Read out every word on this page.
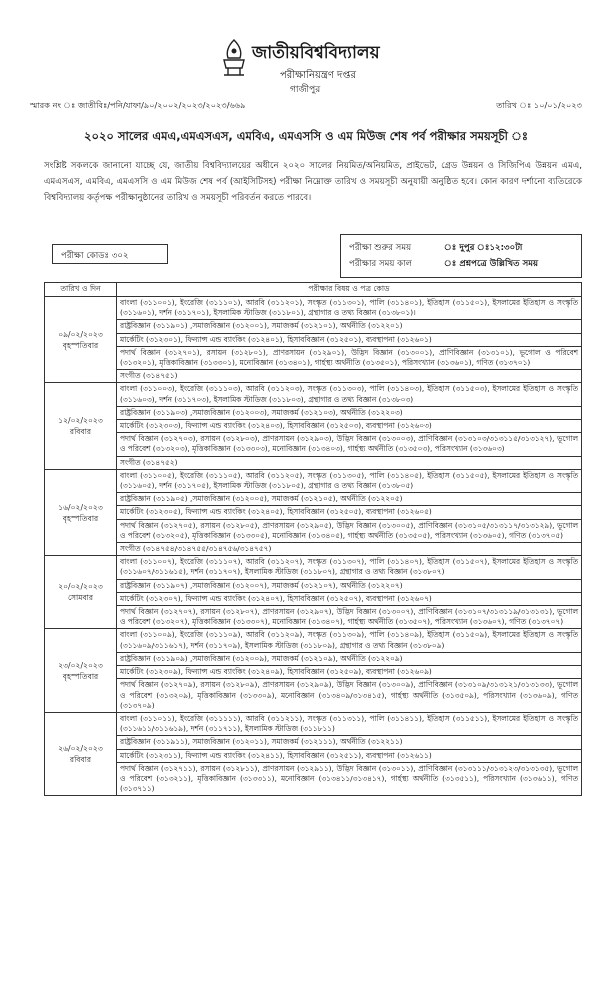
জাতীয়বিশ্ববিদ্যালয়
পরীক্ষানিয়ন্ত্রণ দপ্তর
গাজীপুর
স্মারক নং ঃ জাতীবিঃ/পনি/যাফা/৯০/২০০২/২০২৩/২০২৩/৬৬৯	তারিখ ঃ ১০/০১/২০২৩
২০২০ সালের এমএ,এমএসএস, এমবিএ, এমএসসি ও এম মিউজ শেষ পর্ব পরীক্ষার সময়সূচী ঃ
সংশ্লিষ্ট সকলকে জানানো যাচ্ছে যে, জাতীয় বিশ্ববিদ্যালয়ের অধীনে ২০২০ সালের নিয়মিত/অনিয়মিত, প্রাইভেট, গ্রেড উন্নয়ন ও সিজিপিএ উন্নয়ন এমএ, এমএসএস, এমবিএ, এমএসসি ও এম মিউজ শেষ পর্ব (আইসিটিসহ) পরীক্ষা নিম্নোক্ত তারিখ ও সময়সূচী অনুযায়ী অনুষ্ঠিত হবে। কোন কারণ দর্শানো ব্যতিরেকে বিশ্ববিদ্যালয় কর্তৃপক্ষ পরীক্ষানুষ্ঠানের তারিখ ও সময়সূচী পরিবর্তন করতে পারবে।
পরীক্ষা কোডঃ ৩০২
পরীক্ষা শুরুর সময়	ঃ দুপুর ঃ১২:৩০টা
পরীক্ষার সময় কাল	ঃ প্রশ্নপত্রে উল্লিখিত সময়
তারিখ ও দিন	পরীক্ষার বিষয় ও পত্র কোড

০৯/০২/২০২৩
বৃহস্পতিবার	বাংলা (৩১১০০১), ইংরেজি (৩১১১০১), আরবি (৩১১২০১), সংস্কৃত (৩১১৩০১), পালি (৩১১৪০১), ইতিহাস (৩১১৫০১), ইসলামের ইতিহাস ও সংস্কৃতি (৩১১৬০১), দর্শন (৩১১৭০১), ইসলামিক স্টাডিজ (৩১১৮০১), গ্রন্থাগার ও তথ্য বিজ্ঞান (৩১৩৮০১)।
	রাষ্ট্রবিজ্ঞান (৩১১৯০১) ,সমাজবিজ্ঞান (৩১২০০১), সমাজকর্ম (৩১২১০১), অর্থনীতি (৩১২২০১)
	মার্কেটিং (৩১২৩০১), ফিন্যান্স এন্ড ব্যাংকিং (৩১২৪০১), হিসাববিজ্ঞান (৩১২৫০১), ব্যবস্থাপনা (৩১২৬০১)
	পদার্থ বিজ্ঞান (৩১২৭০১), রসায়ন (৩১২৮০১), প্রাণরসায়ন (৩১২৯০১), উদ্ভিদ বিজ্ঞান (৩১৩০০১), প্রাণিবিজ্ঞান (৩১৩১০১), ভূগোল ও পরিবেশ (৩১৩২০১), মৃত্তিকাবিজ্ঞান (৩১৩৩০১), মনোবিজ্ঞান (৩১৩৪০১), গার্হস্থ্য অর্থনীতি (৩১৩৫০১), পরিসংখ্যান (৩১৩৬০১), গণিত (৩১৩৭০১)
	সংগীত (৩১৪৭৫১)

১২/০২/২০২৩
রবিবার	বাংলা (৩১১০০৩), ইংরেজি (৩১১১০৩), আরবি (৩১১২০৩), সংস্কৃত (৩১১৩০৩), পালি (৩১১৪০৩), ইতিহাস (৩১১৫০৩), ইসলামের ইতিহাস ও সংস্কৃতি (৩১১৬০৩), দর্শন (৩১১৭০৩), ইসলামিক স্টাডিজ (৩১১৮০৩), গ্রন্থাগার ও তথ্য বিজ্ঞান (৩১৩৮০৩)
	রাষ্ট্রবিজ্ঞান (৩১১৯০৩) ,সমাজবিজ্ঞান (৩১২০০৩), সমাজকর্ম (৩১২১০৩), অর্থনীতি (৩১২২০৩)
	মার্কেটিং (৩১২৩০৩), ফিন্যান্স এন্ড ব্যাংকিং (৩১২৪০৩), হিসাববিজ্ঞান (৩১২৫০৩), ব্যবস্থাপনা (৩১২৬০৩)
	পদার্থ বিজ্ঞান (৩১২৭০৩), রসায়ন (৩১২৮০৩), প্রাণরসায়ন (৩১২৯০৩), উদ্ভিদ বিজ্ঞান (৩১৩০০৩), প্রাণিবিজ্ঞান (৩১৩১০৩/৩১৩১১৫/৩১৩১২৭), ভূগোল ও পরিবেশ (৩১৩২০৩), মৃত্তিকাবিজ্ঞান (৩১৩৩০৩), মনোবিজ্ঞান (৩১৩৪০৩), গার্হস্থ্য অর্থনীতি (৩১৩৫০৩), পরিসংখ্যান (৩১৩৬০৩)
	সংগীত (৩১৪৭৫২)

১৬/০২/২০২৩
বৃহস্পতিবার	বাংলা (৩১১০০৫), ইংরেজি (৩১১১০৫), আরবি (৩১১২০৫), সংস্কৃত (৩১১৩০৫), পালি (৩১১৪০৫), ইতিহাস (৩১১৫০৫), ইসলামের ইতিহাস ও সংস্কৃতি (৩১১৬০৫), দর্শন (৩১১৭০৫), ইসলামিক স্টাডিজ (৩১১৮০৫), গ্রন্থাগার ও তথ্য বিজ্ঞান (৩১৩৮০৫)
	রাষ্ট্রবিজ্ঞান (৩১১৯০৫) ,সমাজবিজ্ঞান (৩১২০০৫), সমাজকর্ম (৩১২১০৫), অর্থনীতি (৩১২২০৫)
	মার্কেটিং (৩১২৩০৫), ফিন্যান্স এন্ড ব্যাংকিং (৩১২৪০৫), হিসাববিজ্ঞান (৩১২৫০৫), ব্যবস্থাপনা (৩১২৬০৫)
	পদার্থ বিজ্ঞান (৩১২৭০৫), রসায়ন (৩১২৮০৫), প্রাণরসায়ন (৩১২৯০৫), উদ্ভিদ বিজ্ঞান (৩১৩০০৫), প্রাণিবিজ্ঞান (৩১৩১০৫/৩১৩১১৭/৩১৩১২৯), ভূগোল ও পরিবেশ (৩১৩২০৫), মৃত্তিকাবিজ্ঞান (৩১৩৩০৫), মনোবিজ্ঞান (৩১৩৪০৫), গার্হস্থ্য অর্থনীতি (৩১৩৫০৫), পরিসংখ্যান (৩১৩৬০৫), গণিত (৩১৩৭০৫)
	সংগীত (৩১৪৭৫৪/৩১৪৭৫৫/৩১৪৭৫৬/৩১৪৭৫৭)

২০/০২/২০২৩
সোমবার	বাংলা (৩১১০০৭), ইংরেজি (৩১১১০৭), আরবি (৩১১২০৭), সংস্কৃত (৩১১৩০৭), পালি (৩১১৪০৭), ইতিহাস (৩১১৫০৭), ইসলামের ইতিহাস ও সংস্কৃতি (৩১১৬০৭/৩১১৬১৫), দর্শন (৩১১৭০৭), ইসলামিক স্টাডিজ (৩১১৮০৭), গ্রন্থাগার ও তথ্য বিজ্ঞান (৩১৩৮০৭)
	রাষ্ট্রবিজ্ঞান (৩১১৯০৭) ,সমাজবিজ্ঞান (৩১২০০৭), সমাজকর্ম (৩১২১০৭), অর্থনীতি (৩১২২০৭)
	মার্কেটিং (৩১২৩০৭), ফিন্যান্স এন্ড ব্যাংকিং (৩১২৪০৭), হিসাববিজ্ঞান (৩১২৫০৭), ব্যবস্থাপনা (৩১২৬০৭)
	পদার্থ বিজ্ঞান (৩১২৭০৭), রসায়ন (৩১২৮০৭), প্রাণরসায়ন (৩১২৯০৭), উদ্ভিদ বিজ্ঞান (৩১৩০০৭), প্রাণিবিজ্ঞান (৩১৩১০৭/৩১৩১১৯/৩১৩১৩১), ভূগোল ও পরিবেশ (৩১৩২০৭), মৃত্তিকাবিজ্ঞান (৩১৩৩০৭), মনোবিজ্ঞান (৩১৩৪০৭), গার্হস্থ্য অর্থনীতি (৩১৩৫০৭), পরিসংখ্যান (৩১৩৬০৭), গণিত (৩১৩৭০৭)

২৩/০২/২০২৩
বৃহস্পতিবার	বাংলা (৩১১০০৯), ইংরেজি (৩১১১০৯), আরবি (৩১১২০৯), সংস্কৃত (৩১১৩০৯), পালি (৩১১৪০৯), ইতিহাস (৩১১৫০৯), ইসলামের ইতিহাস ও সংস্কৃতি (৩১১৬০৯/৩১১৬১৭), দর্শন (৩১১৭০৯), ইসলামিক স্টাডিজ (৩১১৮০৯), গ্রন্থাগার ও তথ্য বিজ্ঞান (৩১৩৮০৯)
	রাষ্ট্রবিজ্ঞান (৩১১৯০৯) ,সমাজবিজ্ঞান (৩১২০০৯), সমাজকর্ম (৩১২১০৯), অর্থনীতি (৩১২২০৯)
	মার্কেটিং (৩১২৩০৯), ফিন্যান্স এন্ড ব্যাংকিং (৩১২৪০৯), হিসাববিজ্ঞান (৩১২৫০৯), ব্যবস্থাপনা (৩১২৬০৯)
	পদার্থ বিজ্ঞান (৩১২৭০৯), রসায়ন (৩১২৮০৯), প্রাণরসায়ন (৩১২৯০৯), উদ্ভিদ বিজ্ঞান (৩১৩০০৯), প্রাণিবিজ্ঞান (৩১৩১০৯/৩১৩১২১/৩১৩১৩৩), ভূগোল ও পরিবেশ (৩১৩২০৯), মৃত্তিকাবিজ্ঞান (৩১৩৩০৯), মনোবিজ্ঞান (৩১৩৪০৯/৩১৩৪১৫), গার্হস্থ্য অর্থনীতি (৩১৩৫০৯), পরিসংখ্যান (৩১৩৬০৯), গণিত (৩১৩৭০৯)

২৬/০২/২০২৩
রবিবার	বাংলা (৩১১০১১), ইংরেজি (৩১১১১১), আরবি (৩১১২১১), সংস্কৃত (৩১১৩১১), পালি (৩১১৪১১), ইতিহাস (৩১১৫১১), ইসলামের ইতিহাস ও সংস্কৃতি (৩১১৬১১/৩১১৬১৯), দর্শন (৩১১৭১১), ইসলামিক স্টাডিজ (৩১১৮১১)
	রাষ্ট্রবিজ্ঞান (৩১১৯১১), সমাজবিজ্ঞান (৩১২০১১), সমাজকর্ম (৩১২১১১), অর্থনীতি (৩১২২১১)
	মার্কেটিং (৩১২৩১১), ফিন্যান্স এন্ড ব্যাংকিং (৩১২৪১১), হিসাববিজ্ঞান (৩১২৫১১), ব্যবস্থাপনা (৩১২৬১১)
	পদার্থ বিজ্ঞান (৩১২৭১১), রসায়ন (৩১২৮১১), প্রাণরসায়ন (৩১২৯১১), উদ্ভিদ বিজ্ঞান (৩১৩০১১), প্রাণিবিজ্ঞান (৩১৩১১১/৩১৩১২৩/৩১৩১৩৫), ভূগোল ও পরিবেশ (৩১৩২১১), মৃত্তিকাবিজ্ঞান (৩১৩৩১১), মনোবিজ্ঞান (৩১৩৪১১/৩১৩৪১৭), গার্হস্থ্য অর্থনীতি (৩১৩৫১১), পরিসংখ্যান (৩১৩৬১১), গণিত (৩১৩৭১১)
